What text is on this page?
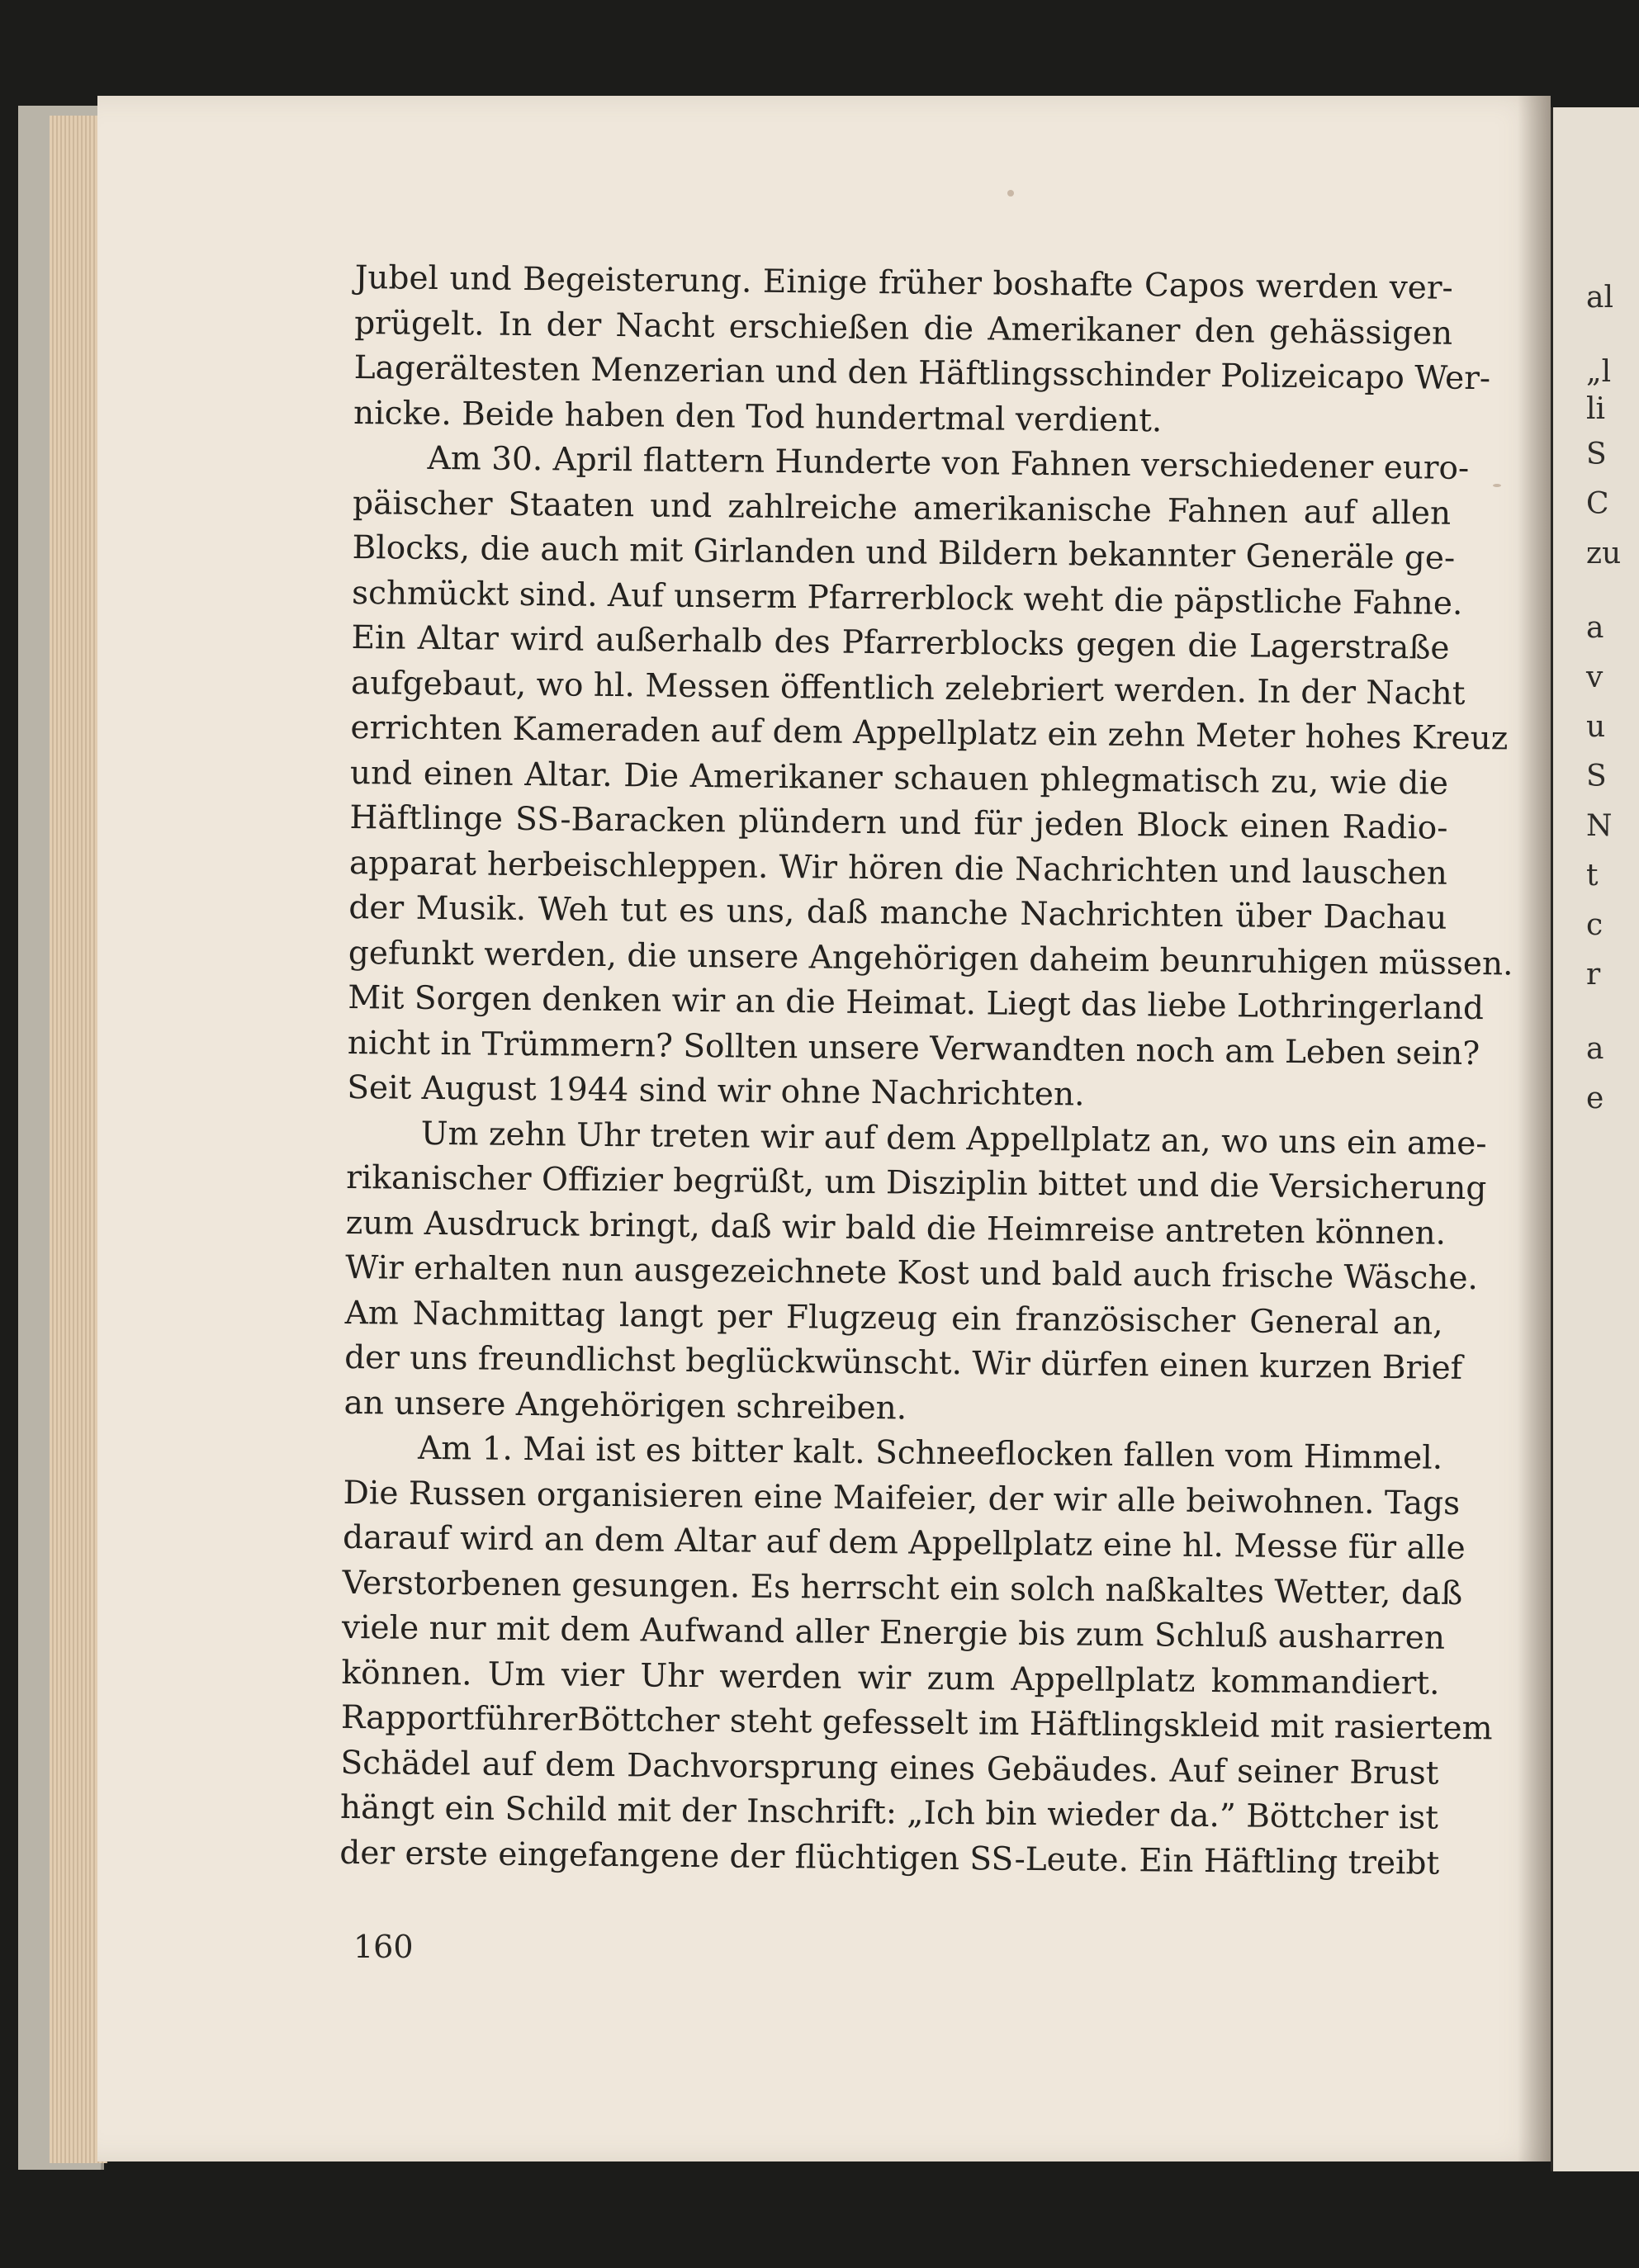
Jubel und Begeisterung. Einige früher boshafte Capos werden ver-
prügelt. In der Nacht erschießen die Amerikaner den gehässigen
Lagerältesten Menzerian und den Häftlingsschinder Polizeicapo Wer-
nicke. Beide haben den Tod hundertmal verdient.
Am 30. April flattern Hunderte von Fahnen verschiedener euro-
päischer Staaten und zahlreiche amerikanische Fahnen auf allen
Blocks, die auch mit Girlanden und Bildern bekannter Generäle ge-
schmückt sind. Auf unserm Pfarrerblock weht die päpstliche Fahne.
Ein Altar wird außerhalb des Pfarrerblocks gegen die Lagerstraße
aufgebaut, wo hl. Messen öffentlich zelebriert werden. In der Nacht
errichten Kameraden auf dem Appellplatz ein zehn Meter hohes Kreuz
und einen Altar. Die Amerikaner schauen phlegmatisch zu, wie die
Häftlinge SS-Baracken plündern und für jeden Block einen Radio-
apparat herbeischleppen. Wir hören die Nachrichten und lauschen
der Musik. Weh tut es uns, daß manche Nachrichten über Dachau
gefunkt werden, die unsere Angehörigen daheim beunruhigen müssen.
Mit Sorgen denken wir an die Heimat. Liegt das liebe Lothringerland
nicht in Trümmern? Sollten unsere Verwandten noch am Leben sein?
Seit August 1944 sind wir ohne Nachrichten.
Um zehn Uhr treten wir auf dem Appellplatz an, wo uns ein ame-
rikanischer Offizier begrüßt, um Disziplin bittet und die Versicherung
zum Ausdruck bringt, daß wir bald die Heimreise antreten können.
Wir erhalten nun ausgezeichnete Kost und bald auch frische Wäsche.
Am Nachmittag langt per Flugzeug ein französischer General an,
der uns freundlichst beglückwünscht. Wir dürfen einen kurzen Brief
an unsere Angehörigen schreiben.
Am 1. Mai ist es bitter kalt. Schneeflocken fallen vom Himmel.
Die Russen organisieren eine Maifeier, der wir alle beiwohnen. Tags
darauf wird an dem Altar auf dem Appellplatz eine hl. Messe für alle
Verstorbenen gesungen. Es herrscht ein solch naßkaltes Wetter, daß
viele nur mit dem Aufwand aller Energie bis zum Schluß ausharren
können. Um vier Uhr werden wir zum Appellplatz kommandiert.
RapportführerBöttcher steht gefesselt im Häftlingskleid mit rasiertem
Schädel auf dem Dachvorsprung eines Gebäudes. Auf seiner Brust
hängt ein Schild mit der Inschrift: „Ich bin wieder da.” Böttcher ist
der erste eingefangene der flüchtigen SS-Leute. Ein Häftling treibt
160
al
„l
li
S
C
zu
a
v
u
S
N
t
c
r
a
e
